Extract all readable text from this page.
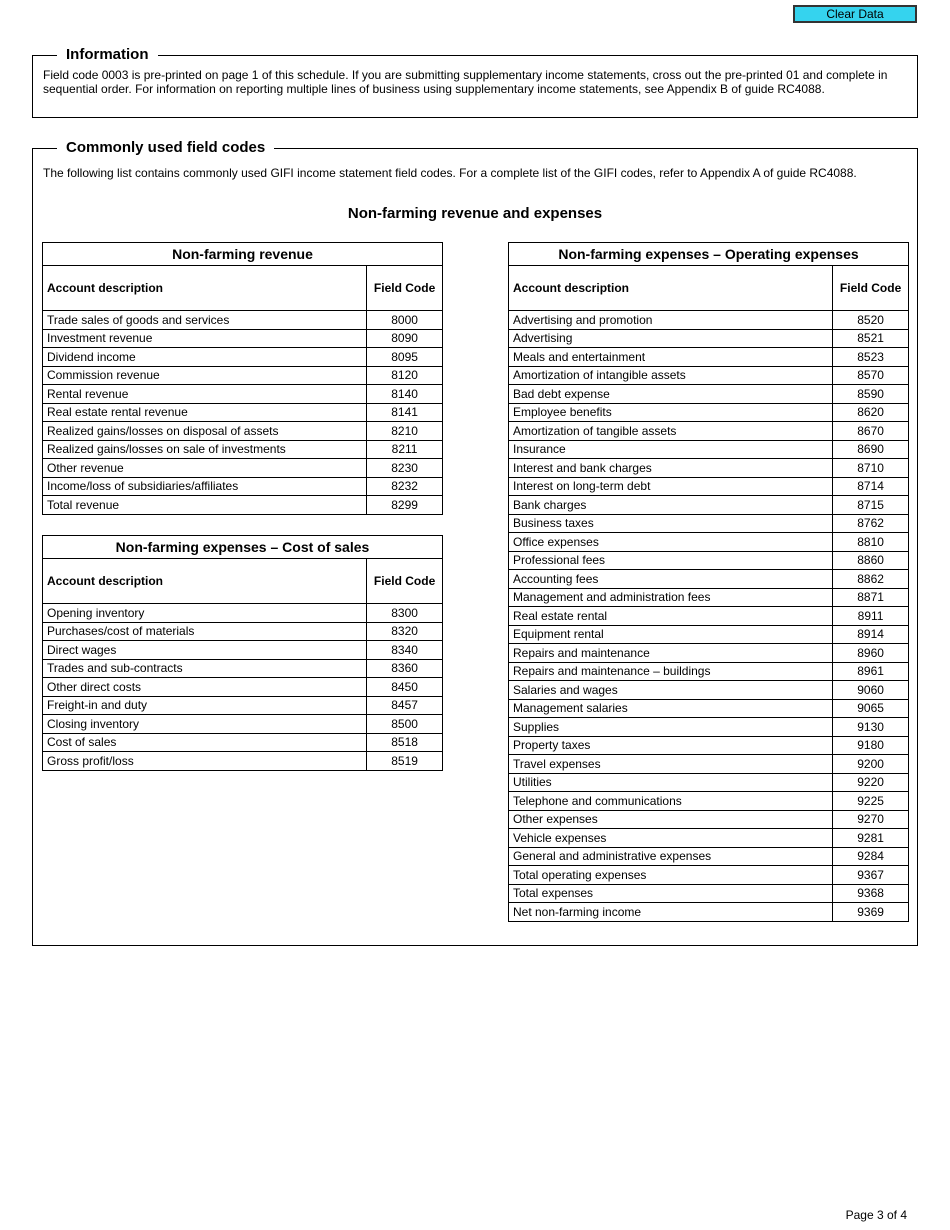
Clear Data
Information
Field code 0003 is pre-printed on page 1 of this schedule. If you are submitting supplementary income statements, cross out the pre-printed 01 and complete in sequential order. For information on reporting multiple lines of business using supplementary income statements, see Appendix B of guide RC4088.
Commonly used field codes
The following list contains commonly used GIFI income statement field codes. For a complete list of the GIFI codes, refer to Appendix A of guide RC4088.
Non-farming revenue and expenses
Non-farming revenue	
Account description	Field Code
Trade sales of goods and services	8000
Investment revenue	8090
Dividend income	8095
Commission revenue	8120
Rental revenue	8140
Real estate rental revenue	8141
Realized gains/losses on disposal of assets	8210
Realized gains/losses on sale of investments	8211
Other revenue	8230
Income/loss of subsidiaries/affiliates	8232
Total revenue	8299
Non-farming expenses – Cost of sales	
Account description	Field Code
Opening inventory	8300
Purchases/cost of materials	8320
Direct wages	8340
Trades and sub-contracts	8360
Other direct costs	8450
Freight-in and duty	8457
Closing inventory	8500
Cost of sales	8518
Gross profit/loss	8519
Non-farming expenses – Operating expenses	
Account description	Field Code
Advertising and promotion	8520
Advertising	8521
Meals and entertainment	8523
Amortization of intangible assets	8570
Bad debt expense	8590
Employee benefits	8620
Amortization of tangible assets	8670
Insurance	8690
Interest and bank charges	8710
Interest on long-term debt	8714
Bank charges	8715
Business taxes	8762
Office expenses	8810
Professional fees	8860
Accounting fees	8862
Management and administration fees	8871
Real estate rental	8911
Equipment rental	8914
Repairs and maintenance	8960
Repairs and maintenance – buildings	8961
Salaries and wages	9060
Management salaries	9065
Supplies	9130
Property taxes	9180
Travel expenses	9200
Utilities	9220
Telephone and communications	9225
Other expenses	9270
Vehicle expenses	9281
General and administrative expenses	9284
Total operating expenses	9367
Total expenses	9368
Net non-farming income	9369
Page 3 of 4
